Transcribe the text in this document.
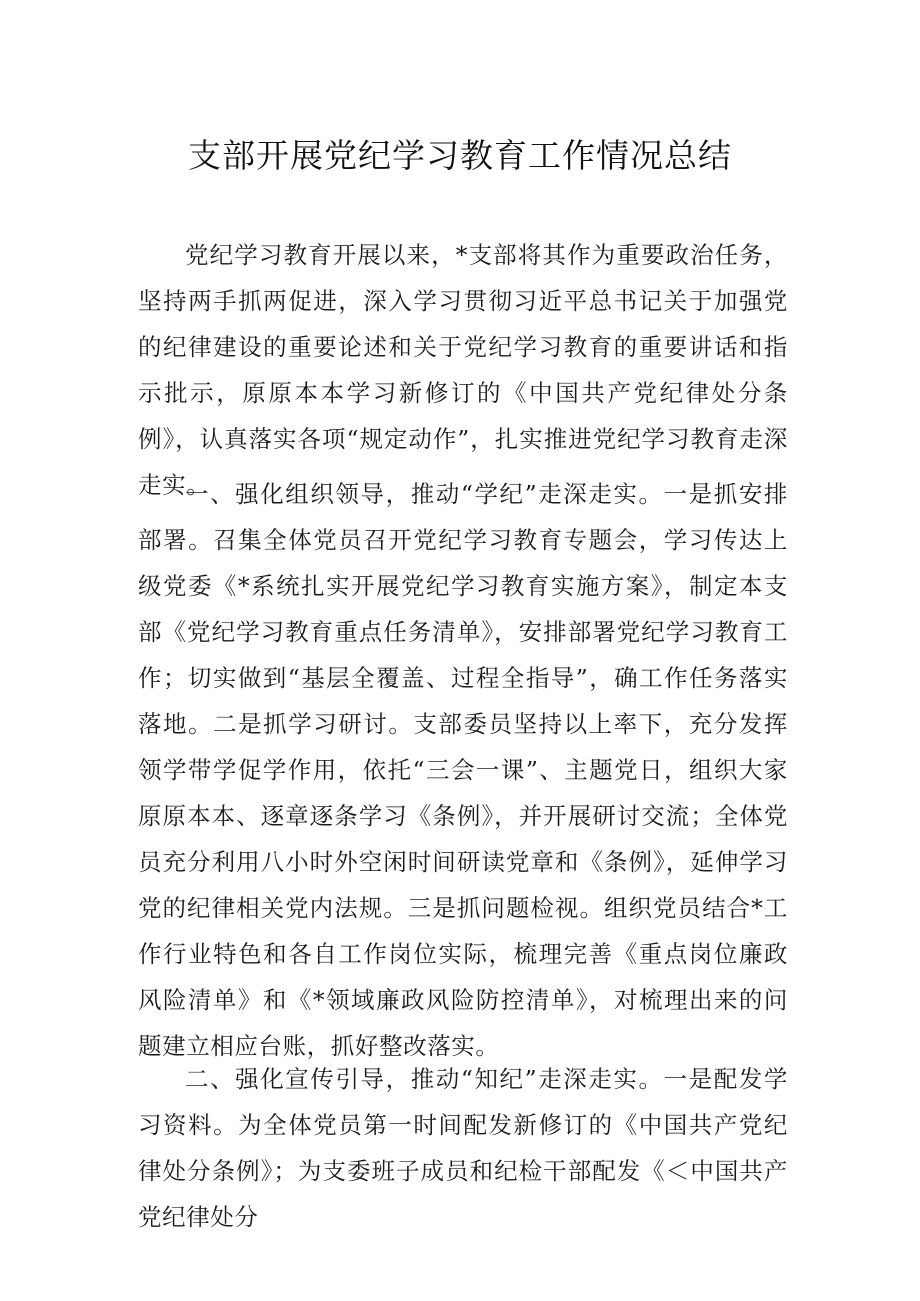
支部开展党纪学习教育工作情况总结

党纪学习教育开展以来，*支部将其作为重要政治任务，坚持两手抓两促进，深入学习贯彻习近平总书记关于加强党的纪律建设的重要论述和关于党纪学习教育的重要讲话和指示批示，原原本本学习新修订的《中国共产党纪律处分条例》，认真落实各项“规定动作”，扎实推进党纪学习教育走深走实。

一、强化组织领导，推动“学纪”走深走实。一是抓安排部署。召集全体党员召开党纪学习教育专题会，学习传达上级党委《*系统扎实开展党纪学习教育实施方案》，制定本支部《党纪学习教育重点任务清单》，安排部署党纪学习教育工作；切实做到“基层全覆盖、过程全指导”，确工作任务落实落地。二是抓学习研讨。支部委员坚持以上率下，充分发挥领学带学促学作用，依托“三会一课”、主题党日，组织大家原原本本、逐章逐条学习《条例》，并开展研讨交流；全体党员充分利用八小时外空闲时间研读党章和《条例》，延伸学习党的纪律相关党内法规。三是抓问题检视。组织党员结合*工作行业特色和各自工作岗位实际，梳理完善《重点岗位廉政风险清单》和《*领域廉政风险防控清单》，对梳理出来的问题建立相应台账，抓好整改落实。

二、强化宣传引导，推动“知纪”走深走实。一是配发学习资料。为全体党员第一时间配发新修订的《中国共产党纪律处分条例》；为支委班子成员和纪检干部配发《＜中国共产党纪律处分
